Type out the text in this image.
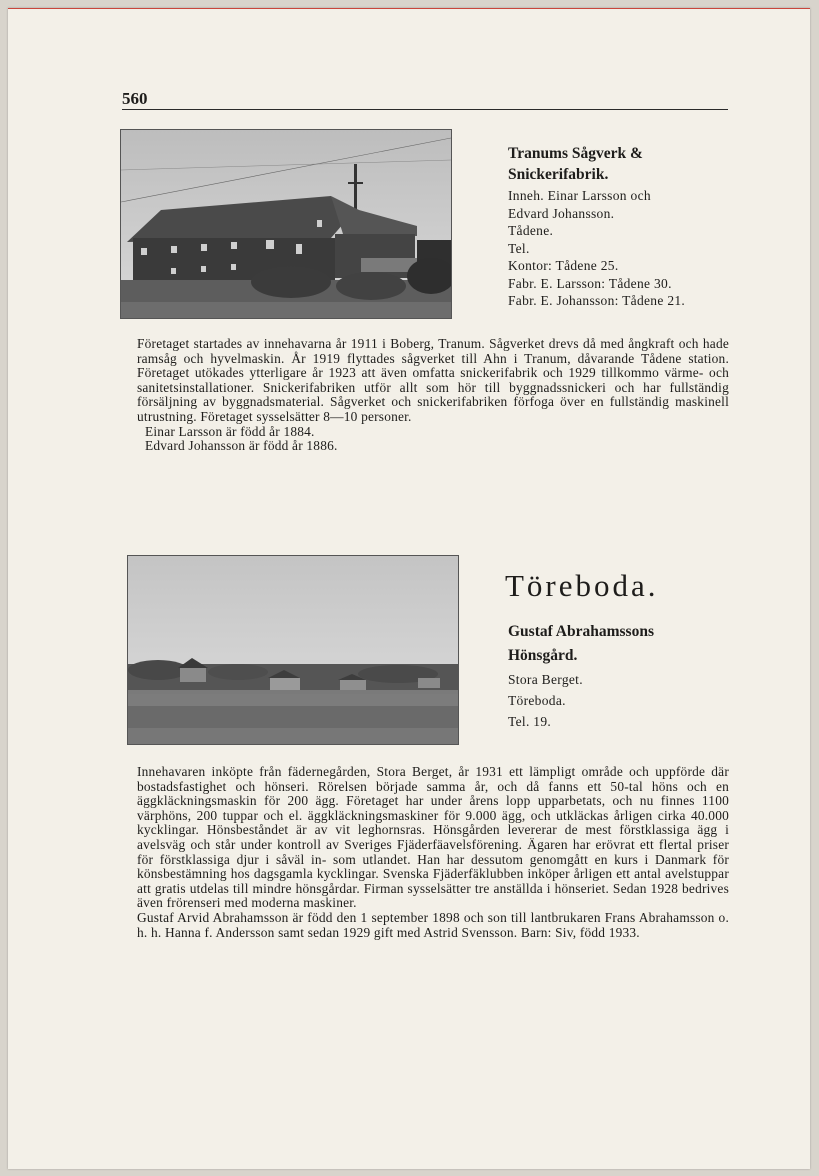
560
Tranums Sågverk & Snickerifabrik.
Inneh. Einar Larsson och
Edvard Johansson.
Tådene.
Tel.
Kontor: Tådene 25.
Fabr. E. Larsson: Tådene 30.
Fabr. E. Johansson: Tådene 21.

Företaget startades av innehavarna år 1911 i Boberg, Tranum. Sågverket drevs då med ångkraft och hade ramsåg och hyvelmaskin. År 1919 flyttades sågverket till Ahn i Tranum, dåvarande Tådene station. Företaget utökades ytterligare år 1923 att även omfatta snickerifabrik och 1929 tillkommo värme- och sanitetsinstallationer. Snickerifabriken utför allt som hör till byggnadssnickeri och har fullständig försäljning av byggnadsmaterial. Sågverket och snickerifabriken förfoga över en fullständig maskinell utrustning. Företaget sysselsätter 8—10 personer.

Einar Larsson är född år 1884.

Edvard Johansson är född år 1886.

Töreboda.
Gustaf Abrahamssons
Hönsgård.
Stora Berget.
Töreboda.
Tel. 19.

Innehavaren inköpte från fädernegården, Stora Berget, år 1931 ett lämpligt område och uppförde där bostadsfastighet och hönseri. Rörelsen började samma år, och då fanns ett 50-tal höns och en äggkläckningsmaskin för 200 ägg. Företaget har under årens lopp upparbetats, och nu finnes 1100 värphöns, 200 tuppar och el. äggkläckningsmaskiner för 9.000 ägg, och utkläckas årligen cirka 40.000 kycklingar. Hönsbeståndet är av vit leghornsras. Hönsgården levererar de mest förstklassiga ägg i avelsväg och står under kontroll av Sveriges Fjäderfäavelsförening. Ägaren har erövrat ett flertal priser för förstklassiga djur i såväl in- som utlandet. Han har dessutom genomgått en kurs i Danmark för könsbestämning hos dagsgamla kycklingar. Svenska Fjäderfäklubben inköper årligen ett antal avelstuppar att gratis utdelas till mindre hönsgårdar. Firman sysselsätter tre anställda i hönseriet. Sedan 1928 bedrives även frörenseri med moderna maskiner.

Gustaf Arvid Abrahamsson är född den 1 september 1898 och son till lantbrukaren Frans Abrahamsson o. h. h. Hanna f. Andersson samt sedan 1929 gift med Astrid Svensson. Barn: Siv, född 1933.
